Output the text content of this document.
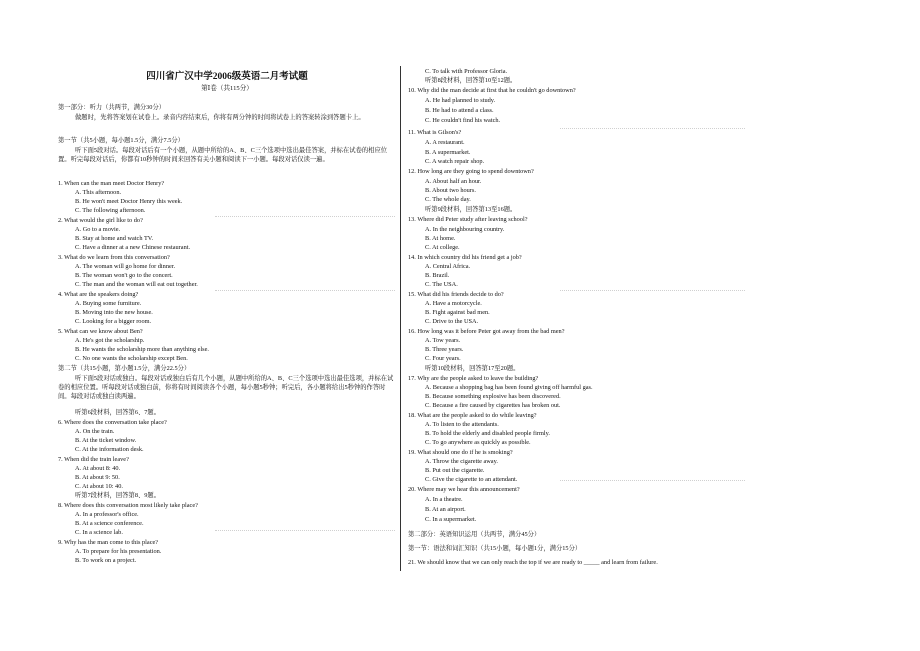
四川省广汉中学2006级英语二月考试题
第Ⅰ卷（共115分）
第一部分：听力（共两节，满分30分）
做题时，先将答案划在试卷上。录音内容结束后，你将有两分钟的时间将试卷上的答案转涂到答题卡上。
第一节（共5小题，每小题1.5分，满分7.5分）
听下面5段对话。每段对话后有一个小题，从题中所给的A、B、C三个选项中选出最佳答案，并标在试卷的相应位置。听完每段对话后，你都有10秒钟的时间来回答有关小题和阅读下一小题。每段对话仅读一遍。
1. When can the man meet Doctor Henry?
A. This afternoon.
B. He won't meet Doctor Henry this week.
C. The following afternoon.
2. What would the girl like to do?
A. Go to a movie.
B. Stay at home and watch TV.
C. Have a dinner at a new Chinese restaurant.
3. What do we learn from this conversation?
A. The woman will go home for dinner.
B. The woman won't go to the concert.
C. The man and the woman will eat out together.
4. What are the speakers doing?
A. Buying some furniture.
B. Moving into the new house.
C. Looking for a bigger room.
5. What can we know about Ben?
A. He's got the scholarship.
B. He wants the scholarship more than anything else.
C. No one wants the scholarship except Ben.
第二节（共15小题，第小题1.5分，满分22.5分）
听下面5段对话或独白。每段对话或独白后有几个小题，从题中所给的A、B、C三个选项中选出最佳选项，并标在试卷的相应位置。听每段对话或独白前，你将有时间阅读各个小题，每小题5秒钟；听完后，各小题将给出5秒钟的作答时间。每段对话或独白读两遍。
听第6段材料，回答第6、7题。
6. Where does the conversation take place?
A. On the train.
B. At the ticket window.
C. At the information desk.
7. When did the train leave?
A. At about 8: 40.
B. At about 9: 50.
C. At about 10: 40.
听第7段材料，回答第8、9题。
8. Where does this conversation most likely take place?
A. In a professor's office.
B. At a science conference.
C. In a science lab.
9. Why has the man come to this place?
A. To prepare for his presentation.
B. To work on a project.
C. To talk with Professor Gloria.
听第8段材料，回答第10至12题。
10. Why did the man decide at first that he couldn't go downtown?
A. He had planned to study.
B. He had to attend a class.
C. He couldn't find his watch.
11. What is Gilson's?
A. A restaurant.
B. A supermarket.
C. A watch repair shop.
12. How long are they going to spend downtown?
A. About half an hour.
B. About two hours.
C. The whole day.
听第9段材料，回答第13至16题。
13. Where did Peter study after leaving school?
A. In the neighbouring country.
B. At home.
C. At college.
14. In which country did his friend get a job?
A. Central Africa.
B. Brazil.
C. The USA.
15. What did his friends decide to do?
A. Have a motorcycle.
B. Fight against bad men.
C. Drive to the USA.
16. How long was it before Peter got away from the bad men?
A. Tow years.
B. Three years.
C. Four years.
听第10段材料，回答第17至20题。
17. Why are the people asked to leave the building?
A. Because a shopping bag has been found giving off harmful gas.
B. Because something explosive has been discovered.
C. Because a fire caused by cigarettes has broken out.
18. What are the people asked to do while leaving?
A. To listen to the attendants.
B. To hold the elderly and disabled people firmly.
C. To go anywhere as quickly as possible.
19. What should one do if he is smoking?
A. Throw the cigarette away.
B. Put out the cigarette.
C. Give the cigarette to an attendant.
20. Where may we hear this announcement?
A. In a theatre.
B. At an airport.
C. In a supermarket.
第二部分：英语知识运用（共两节，满分45分）
第一节：语法和词汇知识（共15小题，每小题1分，满分15分）
21. We should know that we can only reach the top if we are ready to _____ and learn from failure.
